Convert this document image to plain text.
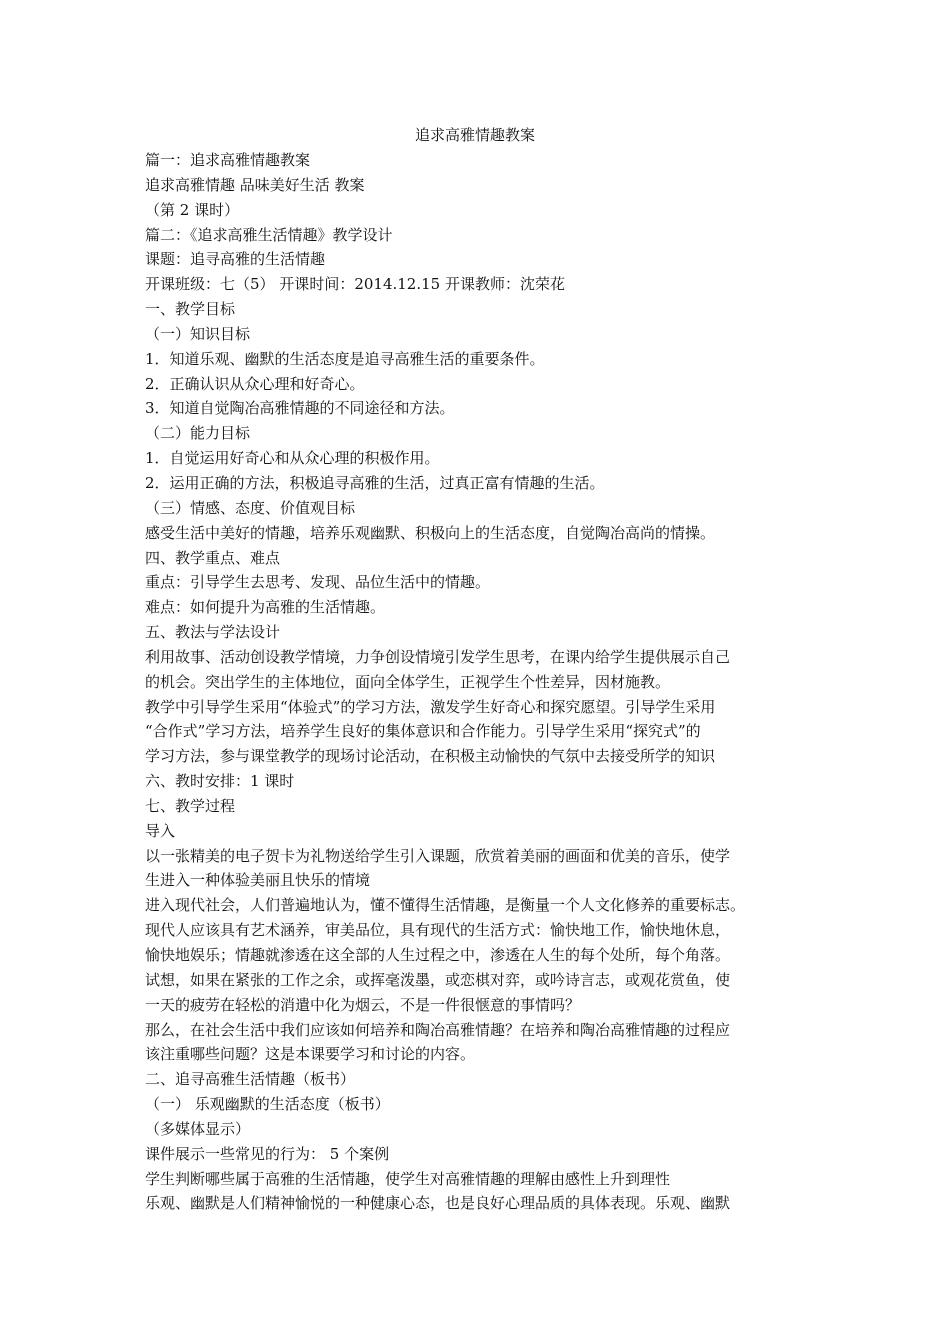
追求高雅情趣教案
篇一：追求高雅情趣教案
追求高雅情趣 品味美好生活 教案
（第 2 课时）
篇二：《追求高雅生活情趣》教学设计
课题：追寻高雅的生活情趣
开课班级：七（5） 开课时间：2014.12.15 开课教师：沈荣花
一、教学目标
（一）知识目标
1．知道乐观、幽默的生活态度是追寻高雅生活的重要条件。
2．正确认识从众心理和好奇心。
3．知道自觉陶冶高雅情趣的不同途径和方法。
（二）能力目标
1．自觉运用好奇心和从众心理的积极作用。
2．运用正确的方法，积极追寻高雅的生活，过真正富有情趣的生活。
（三）情感、态度、价值观目标
感受生活中美好的情趣，培养乐观幽默、积极向上的生活态度，自觉陶冶高尚的情操。
四、教学重点、难点
重点：引导学生去思考、发现、品位生活中的情趣。
难点：如何提升为高雅的生活情趣。
五、教法与学法设计
利用故事、活动创设教学情境，力争创设情境引发学生思考，在课内给学生提供展示自己
的机会。突出学生的主体地位，面向全体学生，正视学生个性差异，因材施教。
教学中引导学生采用“体验式”的学习方法，激发学生好奇心和探究愿望。引导学生采用
“合作式”学习方法，培养学生良好的集体意识和合作能力。引导学生采用“探究式”的
学习方法，参与课堂教学的现场讨论活动，在积极主动愉快的气氛中去接受所学的知识
六、教时安排：1 课时
七、教学过程
导入
以一张精美的电子贺卡为礼物送给学生引入课题，欣赏着美丽的画面和优美的音乐，使学
生进入一种体验美丽且快乐的情境
进入现代社会，人们普遍地认为，懂不懂得生活情趣，是衡量一个人文化修养的重要标志。
现代人应该具有艺术涵养，审美品位，具有现代的生活方式：愉快地工作，愉快地休息，
愉快地娱乐；情趣就渗透在这全部的人生过程之中，渗透在人生的每个处所，每个角落。
试想，如果在紧张的工作之余，或挥毫泼墨，或恋棋对弈，或吟诗言志，或观花赏鱼，使
一天的疲劳在轻松的消遣中化为烟云，不是一件很惬意的事情吗？
那么，在社会生活中我们应该如何培养和陶冶高雅情趣？在培养和陶冶高雅情趣的过程应
该注重哪些问题？这是本课要学习和讨论的内容。
二、追寻高雅生活情趣（板书）
（一） 乐观幽默的生活态度（板书）
（多媒体显示）
课件展示一些常见的行为： 5 个案例
学生判断哪些属于高雅的生活情趣，使学生对高雅情趣的理解由感性上升到理性
乐观、幽默是人们精神愉悦的一种健康心态，也是良好心理品质的具体表现。乐观、幽默
